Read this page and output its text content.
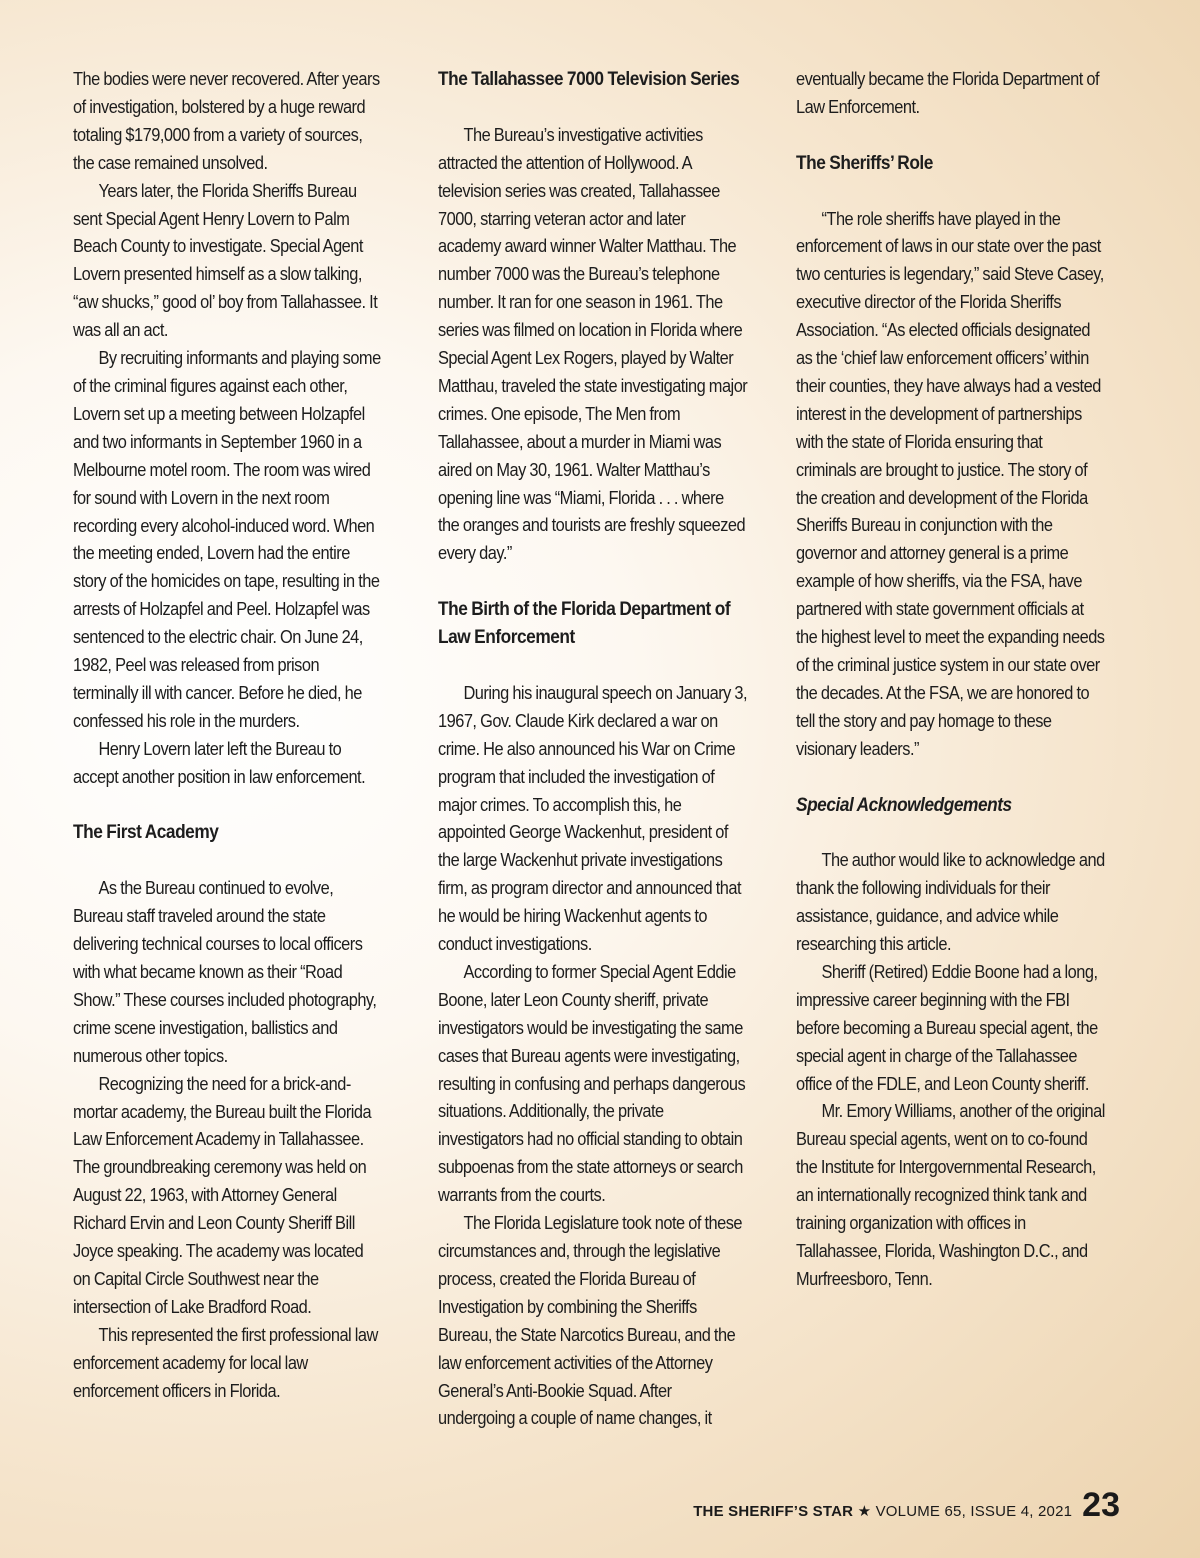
The bodies were never recovered. After years of investigation, bolstered by a huge reward totaling $179,000 from a variety of sources, the case remained unsolved.

Years later, the Florida Sheriffs Bureau sent Special Agent Henry Lovern to Palm Beach County to investigate. Special Agent Lovern presented himself as a slow talking, “aw shucks,” good ol’ boy from Tallahassee. It was all an act.

By recruiting informants and playing some of the criminal figures against each other, Lovern set up a meeting between Holzapfel and two informants in September 1960 in a Melbourne motel room. The room was wired for sound with Lovern in the next room recording every alcohol-induced word. When the meeting ended, Lovern had the entire story of the homicides on tape, resulting in the arrests of Holzapfel and Peel. Holzapfel was sentenced to the electric chair. On June 24, 1982, Peel was released from prison terminally ill with cancer. Before he died, he confessed his role in the murders.

Henry Lovern later left the Bureau to accept another position in law enforcement.

The First Academy

As the Bureau continued to evolve, Bureau staff traveled around the state delivering technical courses to local officers with what became known as their “Road Show.” These courses included photography, crime scene investigation, ballistics and numerous other topics.

Recognizing the need for a brick-and-mortar academy, the Bureau built the Florida Law Enforcement Academy in Tallahassee. The groundbreaking ceremony was held on August 22, 1963, with Attorney General Richard Ervin and Leon County Sheriff Bill Joyce speaking. The academy was located on Capital Circle Southwest near the intersection of Lake Bradford Road.

This represented the first professional law enforcement academy for local law enforcement officers in Florida.

The Tallahassee 7000 Television Series

The Bureau’s investigative activities attracted the attention of Hollywood. A television series was created, Tallahassee 7000, starring veteran actor and later academy award winner Walter Matthau. The number 7000 was the Bureau’s telephone number. It ran for one season in 1961. The series was filmed on location in Florida where Special Agent Lex Rogers, played by Walter Matthau, traveled the state investigating major crimes. One episode, The Men from Tallahassee, about a murder in Miami was aired on May 30, 1961. Walter Matthau’s opening line was “Miami, Florida . . . where the oranges and tourists are freshly squeezed every day.”

The Birth of the Florida Department of Law Enforcement

During his inaugural speech on January 3, 1967, Gov. Claude Kirk declared a war on crime. He also announced his War on Crime program that included the investigation of major crimes. To accomplish this, he appointed George Wackenhut, president of the large Wackenhut private investigations firm, as program director and announced that he would be hiring Wackenhut agents to conduct investigations.

According to former Special Agent Eddie Boone, later Leon County sheriff, private investigators would be investigating the same cases that Bureau agents were investigating, resulting in confusing and perhaps dangerous situations. Additionally, the private investigators had no official standing to obtain subpoenas from the state attorneys or search warrants from the courts.

The Florida Legislature took note of these circumstances and, through the legislative process, created the Florida Bureau of Investigation by combining the Sheriffs Bureau, the State Narcotics Bureau, and the law enforcement activities of the Attorney General’s Anti-Bookie Squad. After undergoing a couple of name changes, it

eventually became the Florida Department of Law Enforcement.

The Sheriffs’ Role

“The role sheriffs have played in the enforcement of laws in our state over the past two centuries is legendary,” said Steve Casey, executive director of the Florida Sheriffs Association. “As elected officials designated as the ‘chief law enforcement officers’ within their counties, they have always had a vested interest in the development of partnerships with the state of Florida ensuring that criminals are brought to justice. The story of the creation and development of the Florida Sheriffs Bureau in conjunction with the governor and attorney general is a prime example of how sheriffs, via the FSA, have partnered with state government officials at the highest level to meet the expanding needs of the criminal justice system in our state over the decades. At the FSA, we are honored to tell the story and pay homage to these visionary leaders.”

Special Acknowledgements

The author would like to acknowledge and thank the following individuals for their assistance, guidance, and advice while researching this article.

Sheriff (Retired) Eddie Boone had a long, impressive career beginning with the FBI before becoming a Bureau special agent, the special agent in charge of the Tallahassee office of the FDLE, and Leon County sheriff.

Mr. Emory Williams, another of the original Bureau special agents, went on to co-found the Institute for Intergovernmental Research, an internationally recognized think tank and training organization with offices in Tallahassee, Florida, Washington D.C., and Murfreesboro, Tenn.

THE SHERIFF’S STAR ★ VOLUME 65, ISSUE 4, 2021 23
